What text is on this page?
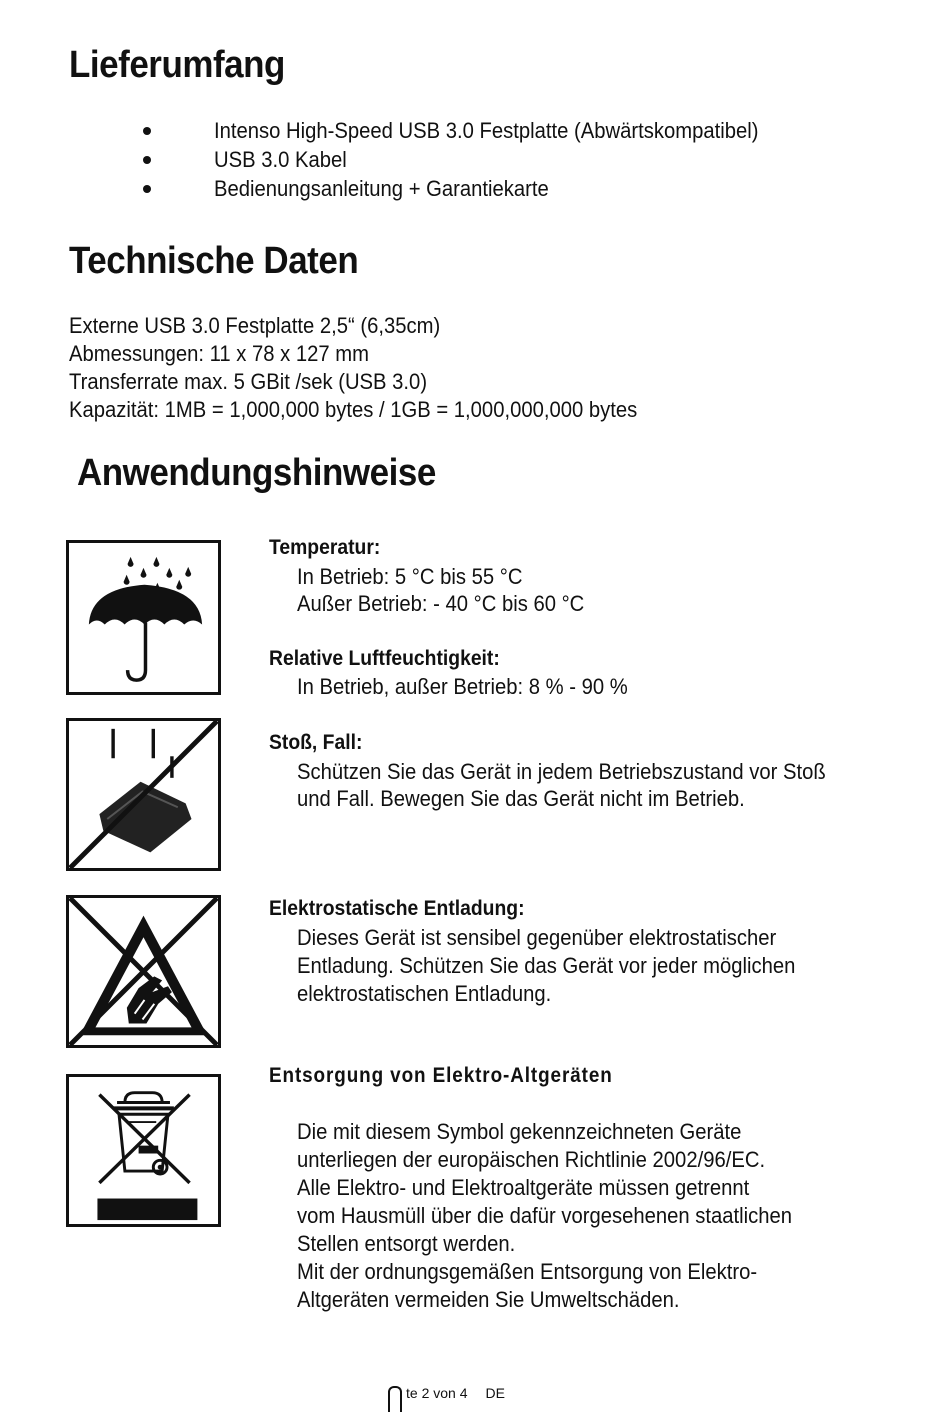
Lieferumfang
Intenso High-Speed USB 3.0 Festplatte (Abwärtskompatibel)
USB 3.0 Kabel
Bedienungsanleitung + Garantiekarte
Technische Daten
Externe USB 3.0 Festplatte 2,5“ (6,35cm)
Abmessungen: 11 x 78 x 127 mm
Transferrate max. 5 GBit /sek (USB 3.0)
Kapazität: 1MB = 1,000,000 bytes / 1GB = 1,000,000,000 bytes
Anwendungshinweise
Temperatur:
In Betrieb: 5 °C bis 55 °C
Außer Betrieb: - 40 °C bis 60 °C
Relative Luftfeuchtigkeit:
In Betrieb, außer Betrieb: 8 % - 90 %
Stoß, Fall:
Schützen Sie das Gerät in jedem Betriebszustand vor Stoß
und Fall. Bewegen Sie das Gerät nicht im Betrieb.
Elektrostatische Entladung:
Dieses Gerät ist sensibel gegenüber elektrostatischer
Entladung. Schützen Sie das Gerät vor jeder möglichen
elektrostatischen Entladung.
Entsorgung von Elektro-Altgeräten
Die mit diesem Symbol gekennzeichneten Geräte
unterliegen der europäischen Richtlinie 2002/96/EC.
Alle Elektro- und Elektroaltgeräte müssen getrennt
vom Hausmüll über die dafür vorgesehenen staatlichen
Stellen entsorgt werden.
Mit der ordnungsgemäßen Entsorgung von Elektro-
Altgeräten vermeiden Sie Umweltschäden.
te 2 von 4 DE
